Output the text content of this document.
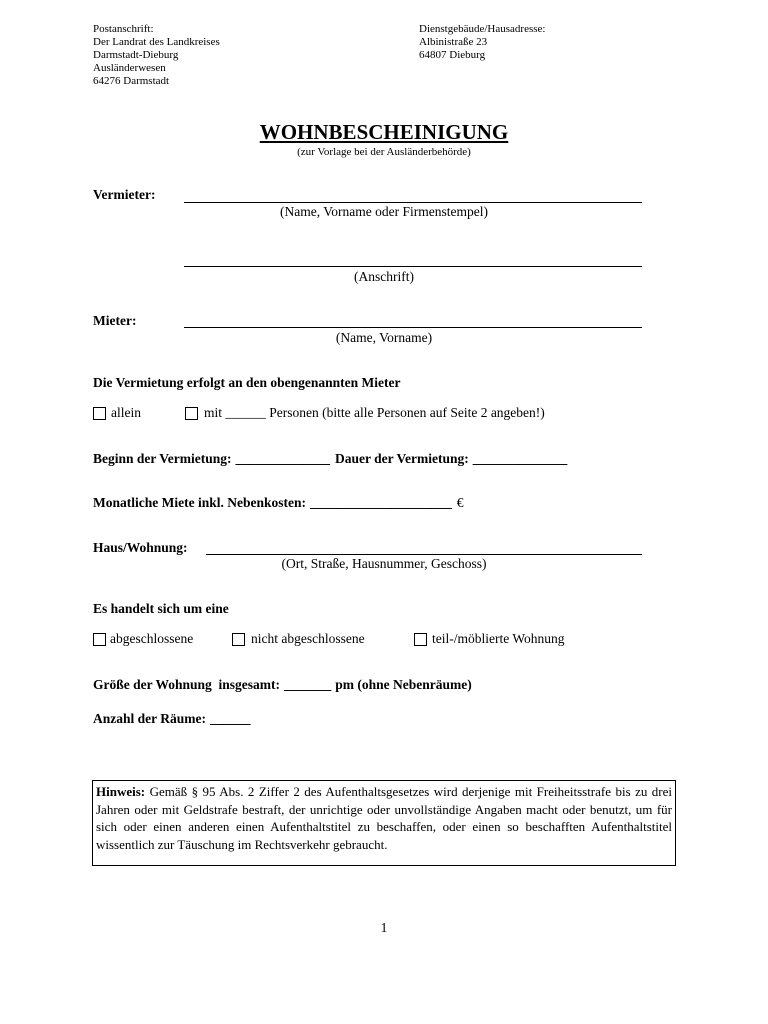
Postanschrift:
Der Landrat des Landkreises
Darmstadt-Dieburg
Ausländerwesen
64276 Darmstadt
Dienstgebäude/Hausadresse:
Albinistraße 23
64807 Dieburg
WOHNBESCHEINIGUNG
(zur Vorlage bei der Ausländerbehörde)
Vermieter:
(Name, Vorname oder Firmenstempel)
(Anschrift)
Mieter:
(Name, Vorname)
Die Vermietung erfolgt an den obengenannten Mieter
allein	mit ______ Personen (bitte alle Personen auf Seite 2 angeben!)
Beginn der Vermietung: ______________ Dauer der Vermietung: ______________
Monatliche Miete inkl. Nebenkosten: _____________________ €
Haus/Wohnung:
(Ort, Straße, Hausnummer, Geschoss)
Es handelt sich um eine
abgeschlossene	nicht abgeschlossene	teil-/möblierte Wohnung
Größe der Wohnung  insgesamt: _______ pm (ohne Nebenräume)
Anzahl der Räume: ______
Hinweis: Gemäß § 95 Abs. 2 Ziffer 2 des Aufenthaltsgesetzes wird derjenige mit Freiheitsstrafe bis zu drei Jahren oder mit Geldstrafe bestraft, der unrichtige oder unvollständige Angaben macht oder benutzt, um für sich oder einen anderen einen Aufenthaltstitel zu beschaffen, oder einen so beschafften Aufenthaltstitel wissentlich zur Täuschung im Rechtsverkehr gebraucht.
1
